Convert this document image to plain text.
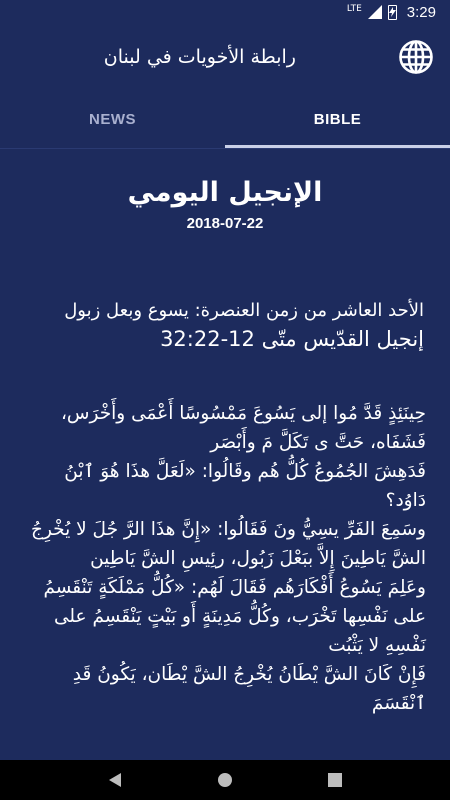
LTE	3:29
رابطة الأخويات في لبنان
NEWS	BIBLE
الإنجيل اليومي
2018-07-22
الأحد العاشر من زمن العنصرة: يسوع وبعل زبول
إنجيل القدّيس متّى 12-32:22
حِينَئِذٍ قَدَّ مُوا إلى يَسُوعَ مَمْسُوسًا أَعْمَى وأَخْرَس، فَشَفَاه، حَتَّ ى تَكَلَّ مَ وأَبْصَر
فَدَهِشَ الجُمُوعُ كُلُّ هُم وقَالُوا: «لَعَلَّ هذَا هُوَ ٱبْنُ دَاوُد؟
وسَمِعَ الفَرِّ يسِيُّ ونَ فَقَالُوا: «إِنَّ هذَا الرَّ جُلَ لا يُخْرِجُ الشَّ يَاطِينَ إِلاَّ ببَعْلَ زَبُول، رئِيسِ الشَّ يَاطِين
وعَلِمَ يَسُوعُ أَفْكَارَهُم فَقَالَ لَهُم: «كُلُّ مَمْلَكَةٍ تَنْقَسِمُ على نَفْسِها تَخْرَب، وكُلُّ مَدِينَةٍ أَو بَيْتٍ يَنْقَسِمُ على نَفْسِهِ لا يَثْبُت
فَإِنْ كَانَ الشَّ يْطَانُ يُخْرِجُ الشَّ يْطَان، يَكُونُ قَدِ ٱنْقَسَمَ
